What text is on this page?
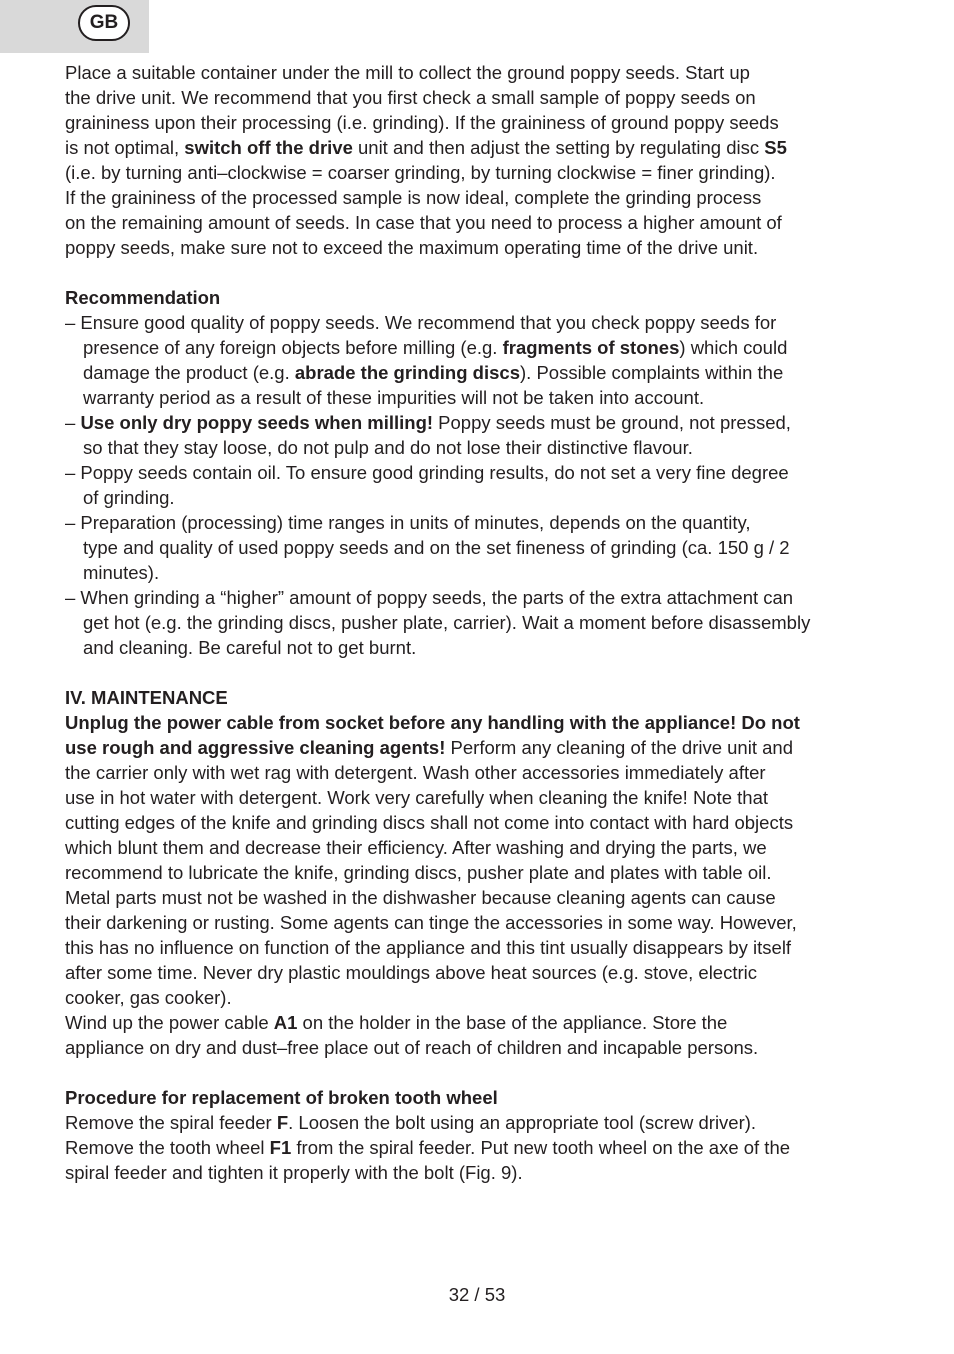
GB
Place a suitable container under the mill to collect the ground poppy seeds. Start up
the drive unit. We recommend that you first check a small sample of poppy seeds on
graininess upon their processing (i.e. grinding). If the graininess of ground poppy seeds
is not optimal, switch off the drive unit and then adjust the setting by regulating disc S5
(i.e. by turning anti–clockwise = coarser grinding, by turning clockwise = finer grinding).
If the graininess of the processed sample is now ideal, complete the grinding process
on the remaining amount of seeds. In case that you need to process a higher amount of
poppy seeds, make sure not to exceed the maximum operating time of the drive unit.
Recommendation
– Ensure good quality of poppy seeds. We recommend that you check poppy seeds for
presence of any foreign objects before milling (e.g. fragments of stones) which could
damage the product (e.g. abrade the grinding discs). Possible complaints within the
warranty period as a result of these impurities will not be taken into account.
– Use only dry poppy seeds when milling! Poppy seeds must be ground, not pressed,
so that they stay loose, do not pulp and do not lose their distinctive flavour.
– Poppy seeds contain oil. To ensure good grinding results, do not set a very fine degree
of grinding.
– Preparation (processing) time ranges in units of minutes, depends on the quantity,
type and quality of used poppy seeds and on the set fineness of grinding (ca. 150 g / 2
minutes).
– When grinding a “higher” amount of poppy seeds, the parts of the extra attachment can
get hot (e.g. the grinding discs, pusher plate, carrier). Wait a moment before disassembly
and cleaning. Be careful not to get burnt.
IV. MAINTENANCE
Unplug the power cable from socket before any handling with the appliance! Do not
use rough and aggressive cleaning agents! Perform any cleaning of the drive unit and
the carrier only with wet rag with detergent. Wash other accessories immediately after
use in hot water with detergent. Work very carefully when cleaning the knife! Note that
cutting edges of the knife and grinding discs shall not come into contact with hard objects
which blunt them and decrease their efficiency. After washing and drying the parts, we
recommend to lubricate the knife, grinding discs, pusher plate and plates with table oil.
Metal parts must not be washed in the dishwasher because cleaning agents can cause
their darkening or rusting. Some agents can tinge the accessories in some way. However,
this has no influence on function of the appliance and this tint usually disappears by itself
after some time. Never dry plastic mouldings above heat sources (e.g. stove, electric
cooker, gas cooker).
Wind up the power cable A1 on the holder in the base of the appliance. Store the
appliance on dry and dust–free place out of reach of children and incapable persons.
Procedure for replacement of broken tooth wheel
Remove the spiral feeder F. Loosen the bolt using an appropriate tool (screw driver).
Remove the tooth wheel F1 from the spiral feeder. Put new tooth wheel on the axe of the
spiral feeder and tighten it properly with the bolt (Fig. 9).
32 / 53
